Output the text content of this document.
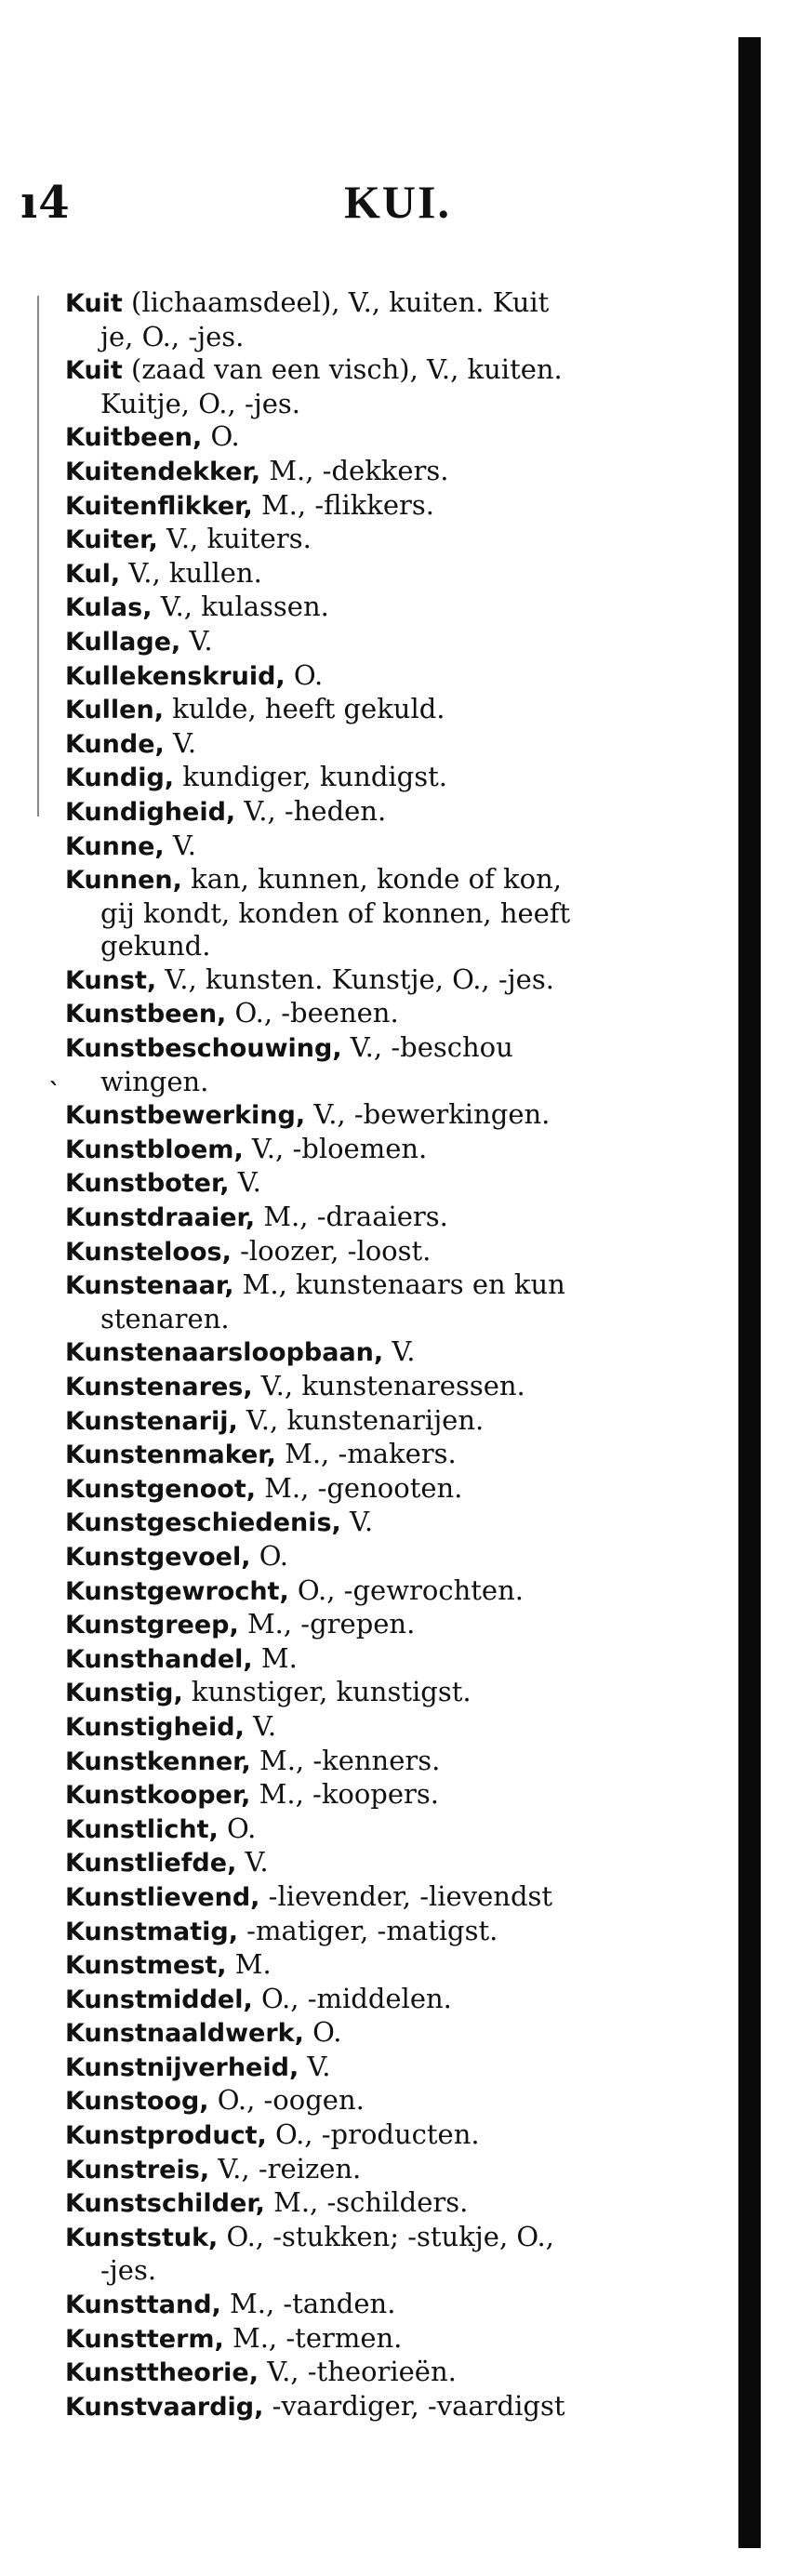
ı4	KUI.
`
Kuit (lichaamsdeel), V., kuiten. Kuit
je, O., -jes.
Kuit (zaad van een visch), V., kuiten.
Kuitje, O., -jes.
Kuitbeen, O.
Kuitendekker, M., -dekkers.
Kuitenflikker, M., -flikkers.
Kuiter, V., kuiters.
Kul, V., kullen.
Kulas, V., kulassen.
Kullage, V.
Kullekenskruid, O.
Kullen, kulde, heeft gekuld.
Kunde, V.
Kundig, kundiger, kundigst.
Kundigheid, V., -heden.
Kunne, V.
Kunnen, kan, kunnen, konde of kon,
gij kondt, konden of konnen, heeft
gekund.
Kunst, V., kunsten. Kunstje, O., -jes.
Kunstbeen, O., -beenen.
Kunstbeschouwing, V., -beschou
wingen.
Kunstbewerking, V., -bewerkingen.
Kunstbloem, V., -bloemen.
Kunstboter, V.
Kunstdraaier, M., -draaiers.
Kunsteloos, -loozer, -loost.
Kunstenaar, M., kunstenaars en kun
stenaren.
Kunstenaarsloopbaan, V.
Kunstenares, V., kunstenaressen.
Kunstenarij, V., kunstenarijen.
Kunstenmaker, M., -makers.
Kunstgenoot, M., -genooten.
Kunstgeschiedenis, V.
Kunstgevoel, O.
Kunstgewrocht, O., -gewrochten.
Kunstgreep, M., -grepen.
Kunsthandel, M.
Kunstig, kunstiger, kunstigst.
Kunstigheid, V.
Kunstkenner, M., -kenners.
Kunstkooper, M., -koopers.
Kunstlicht, O.
Kunstliefde, V.
Kunstlievend, -lievender, -lievendst
Kunstmatig, -matiger, -matigst.
Kunstmest, M.
Kunstmiddel, O., -middelen.
Kunstnaaldwerk, O.
Kunstnijverheid, V.
Kunstoog, O., -oogen.
Kunstproduct, O., -producten.
Kunstreis, V., -reizen.
Kunstschilder, M., -schilders.
Kunststuk, O., -stukken; -stukje, O.,
-jes.
Kunsttand, M., -tanden.
Kunstterm, M., -termen.
Kunsttheorie, V., -theorieën.
Kunstvaardig, -vaardiger, -vaardigst
